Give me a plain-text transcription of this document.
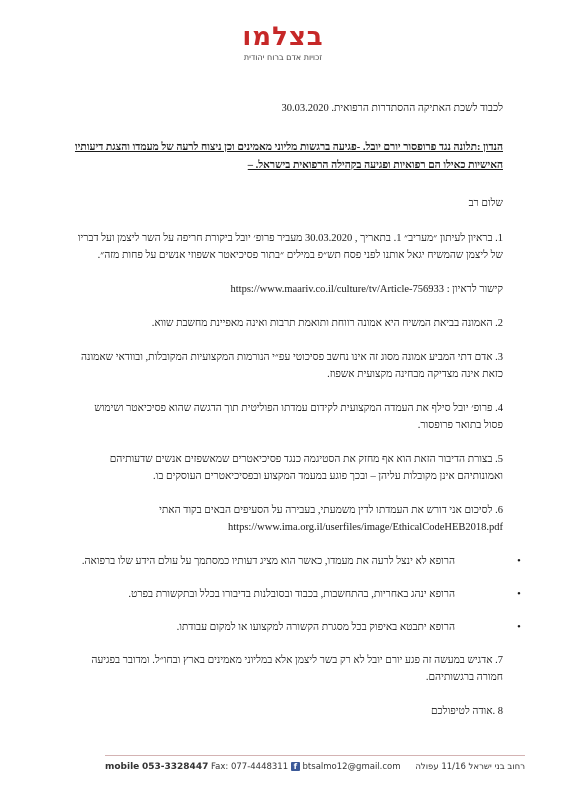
בצלמו
זכויות אדם ברוח יהודית

לכבוד לשכת האתיקה ההסתדרות הרפואית. 30.03.2020

הנדון :תלונה נגד פרופסור יורם יובל. -פגיעה ברגשות מליוני מאמינים וכן ניצוח לרעה של מעמדו והצגת דיעותיו האישיות כאילו הם רפואיות ופגיעה בקהילה הרפואית בישראל. –

שלום רב

1. בראיון לעיתון ״מעריב״ 1. בתאריך , 30.03.2020 מעביר פרופ׳ יובל ביקורת חריפה על השר ליצמן ועל דבריו של ליצמן שהמשיח יגאל אותנו לפני פסח תש״פ במילים ״בתור פסיכיאטר אשפוזי אנשים על פחות מזה״.

קישור לראיון : https://www.maariv.co.il/culture/tv/Article-756933

2. האמונה בביאת המשיח היא אמונה רווחת ותואמת תרבות ואינה מאפיינת מחשבת שווא.

3. אדם דתי המביע אמונה מסוג זה אינו נחשב פסיכוטי עפ״י הנורמות המקצועיות המקובלות, ובוודאי שאמונה כזאת אינה מצדיקה מבחינה מקצועית אשפוז.

4. פרופ׳ יובל סילף את העמדה המקצועית לקידום עמדתו הפוליטית תוך הדגשה שהוא פסיכיאטר ושימוש פסול בתואר פרופסור.

5. בצורת הדיבור הזאת הוא אף מחזק את הסטיגמה כנגד פסיכיאטרים שמאשפזים אנשים שדעותיהם ואמונותיהם אינן מקובלות עליהן – ובכך פוגע במעמד המקצוע ובפסיכיאטרים העוסקים בו.

6. לסיכום אני דורש את העמדתו לדין משמעתי, בעבירה על הסעיפים הבאים בקוד האתי
https://www.ima.org.il/userfiles/image/EthicalCodeHEB2018.pdf

•
הרופא לא ינצל לרעה את מעמדו, כאשר הוא מציג דעותיו כמסתמך על עולם הידע שלו ברפואה.
•
הרופא ינהג באחריות, בהתחשבות, בכבוד ובסובלנות בדיבורו בכלל ובתקשורת בפרט.
•
הרופא יתבטא באיפוק בכל מסגרת הקשורה למקצועו או למקום עבודתו.

7. אדגיש במעשה זה פגע יורם יובל לא רק בשר ליצמן אלא במליוני מאמינים בארץ ובחו״ל. ומדובר בפגיעה חמורה ברגשותיהם.

8 .אודה לטיפולכם

mobile 053-3328447 Fax: 077-4448311 f btsalmo12@gmail.com רחוב בני ישראל 11/16 עפולה
